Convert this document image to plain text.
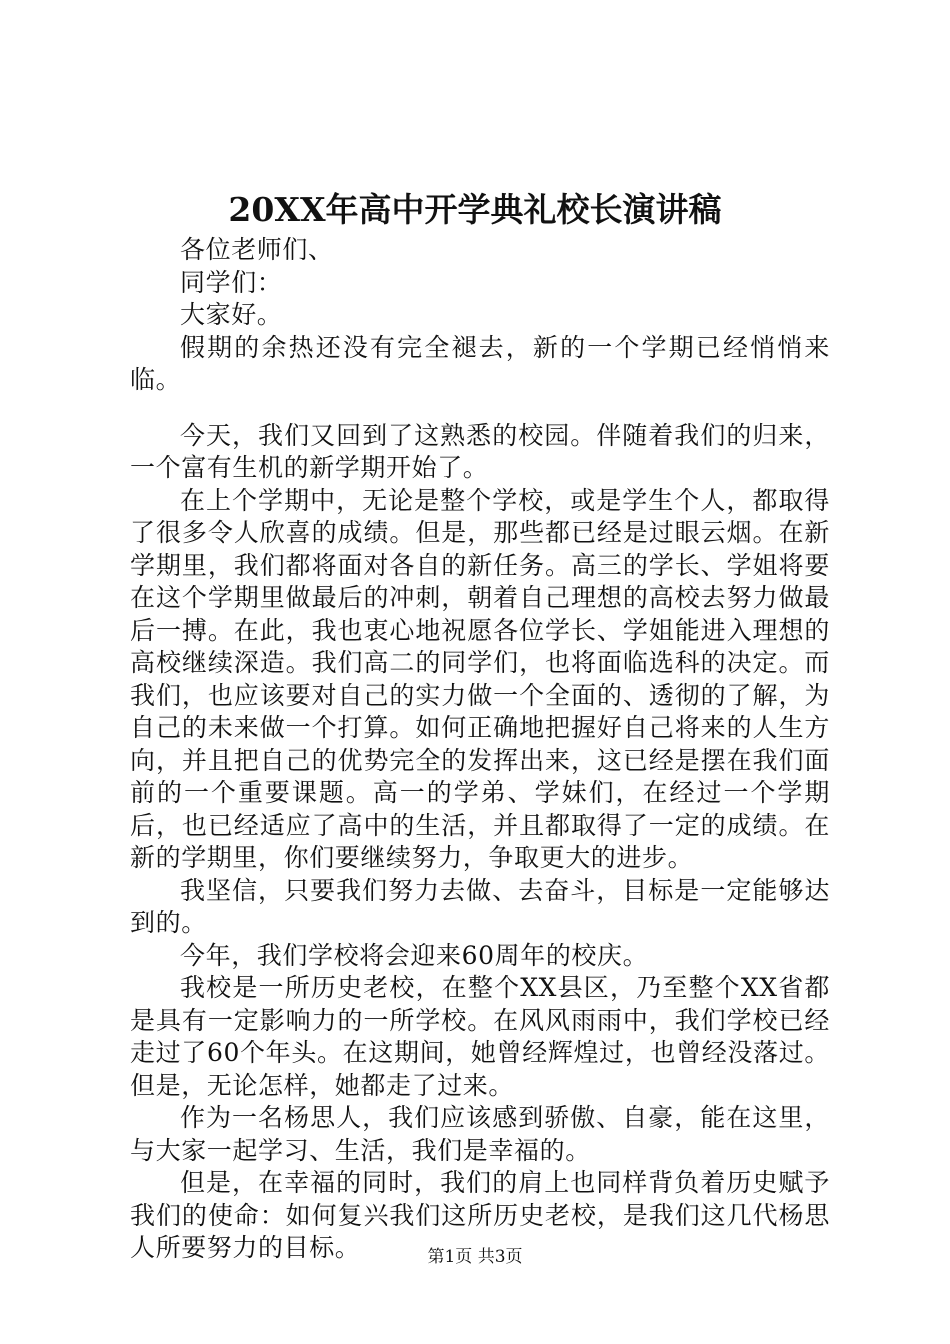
20XX年高中开学典礼校长演讲稿

各位老师们、

同学们：

大家好。

假期的余热还没有完全褪去，新的一个学期已经悄悄来临。

今天，我们又回到了这熟悉的校园。伴随着我们的归来，一个富有生机的新学期开始了。

在上个学期中，无论是整个学校，或是学生个人，都取得了很多令人欣喜的成绩。但是，那些都已经是过眼云烟。在新学期里，我们都将面对各自的新任务。高三的学长、学姐将要在这个学期里做最后的冲刺，朝着自己理想的高校去努力做最后一搏。在此，我也衷心地祝愿各位学长、学姐能进入理想的高校继续深造。我们高二的同学们，也将面临选科的决定。而我们，也应该要对自己的实力做一个全面的、透彻的了解，为自己的未来做一个打算。如何正确地把握好自己将来的人生方向，并且把自己的优势完全的发挥出来，这已经是摆在我们面前的一个重要课题。高一的学弟、学妹们，在经过一个学期后，也已经适应了高中的生活，并且都取得了一定的成绩。在新的学期里，你们要继续努力，争取更大的进步。

我坚信，只要我们努力去做、去奋斗，目标是一定能够达到的。

今年，我们学校将会迎来60周年的校庆。

我校是一所历史老校，在整个XX县区，乃至整个XX省都是具有一定影响力的一所学校。在风风雨雨中，我们学校已经走过了60个年头。在这期间，她曾经辉煌过，也曾经没落过。但是，无论怎样，她都走了过来。

作为一名杨思人，我们应该感到骄傲、自豪，能在这里，与大家一起学习、生活，我们是幸福的。

但是，在幸福的同时，我们的肩上也同样背负着历史赋予我们的使命：如何复兴我们这所历史老校，是我们这几代杨思人所要努力的目标。	第1页 共3页
